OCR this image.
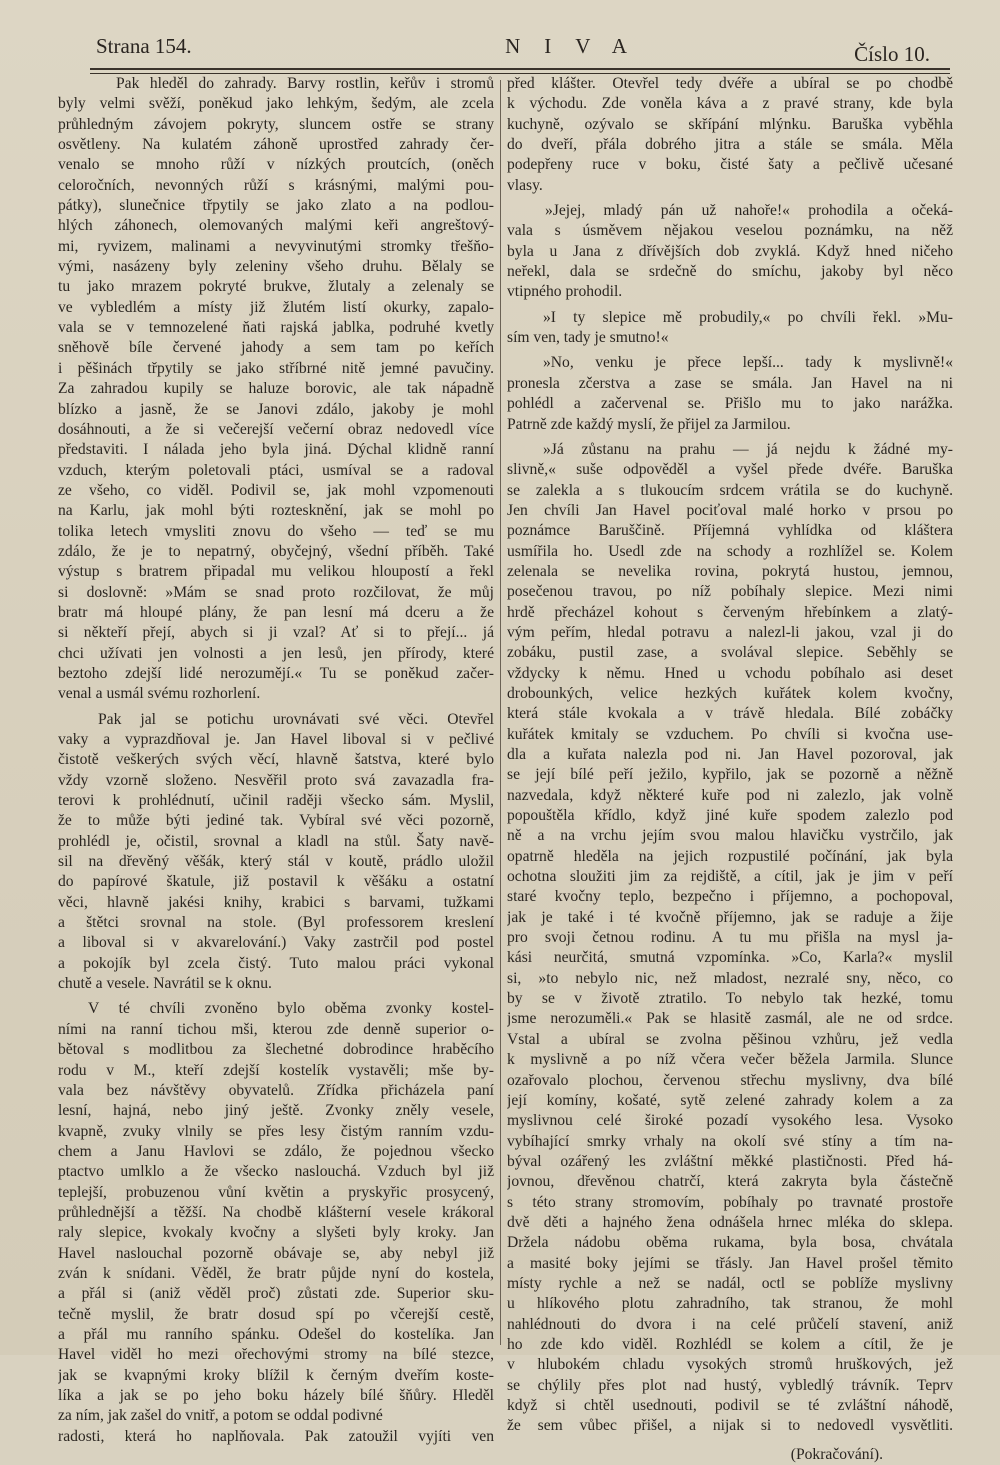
Strana 154.	NIVA	Číslo 10.
Pak hleděl do zahrady. Barvy rostlin, keřův i stromů
byly velmi svěží, poněkud jako lehkým, šedým, ale zcela
průhledným závojem pokryty, sluncem ostře se strany
osvětleny. Na kulatém záhoně uprostřed zahrady čer-
venalo se mnoho růží v nízkých proutcích, (oněch
celoročních, nevonných růží s krásnými, malými pou-
pátky), slunečnice třpytily se jako zlato a na podlou-
hlých záhonech, olemovaných malými keři angreštový-
mi, ryvizem, malinami a nevyvinutými stromky třešňo-
vými, nasázeny byly zeleniny všeho druhu. Bělaly se
tu jako mrazem pokryté brukve, žlutaly a zelenaly se
ve vybledlém a místy již žlutém listí okurky, zapalo-
vala se v temnozelené ňati rajská jablka, podruhé kvetly
sněhově bíle červené jahody a sem tam po keřích
i pěšinách třpytily se jako stříbrné nitě jemné pavučiny.
Za zahradou kupily se haluze borovic, ale tak nápadně
blízko a jasně, že se Janovi zdálo, jakoby je mohl
dosáhnouti, a že si večerejší večerní obraz nedovedl více
představiti. I nálada jeho byla jiná. Dýchal klidně ranní
vzduch, kterým poletovali ptáci, usmíval se a radoval
ze všeho, co viděl. Podivil se, jak mohl vzpomenouti
na Karlu, jak mohl býti roztesknění, jak se mohl po
tolika letech vmysliti znovu do všeho — teď se mu
zdálo, že je to nepatrný, obyčejný, všední příběh. Také
výstup s bratrem připadal mu velikou hloupostí a řekl
si doslovně: »Mám se snad proto rozčilovat, že můj
bratr má hloupé plány, že pan lesní má dceru a že
si někteří přejí, abych si ji vzal? Ať si to přejí... já
chci užívati jen volnosti a jen lesů, jen přírody, které
beztoho zdejší lidé nerozumějí.« Tu se poněkud začer-
venal a usmál svému rozhorlení.
Pak jal se potichu urovnávati své věci. Otevřel
vaky a vyprazdňoval je. Jan Havel liboval si v pečlivé
čistotě veškerých svých věcí, hlavně šatstva, které bylo
vždy vzorně složeno. Nesvěřil proto svá zavazadla fra-
terovi k prohlédnutí, učinil raději všecko sám. Myslil,
že to může býti jediné tak. Vybíral své věci pozorně,
prohlédl je, očistil, srovnal a kladl na stůl. Šaty navě-
sil na dřevěný věšák, který stál v koutě, prádlo uložil
do papírové škatule, již postavil k věšáku a ostatní
věci, hlavně jakési knihy, krabici s barvami, tužkami
a štětci srovnal na stole. (Byl professorem kreslení
a liboval si v akvarelování.) Vaky zastrčil pod postel
a pokojík byl zcela čistý. Tuto malou práci vykonal
chutě a vesele. Navrátil se k oknu.
V té chvíli zvoněno bylo oběma zvonky kostel-
ními na ranní tichou mši, kterou zde denně superior o-
bětoval s modlitbou za šlechetné dobrodince hraběcího
rodu v M., kteří zdejší kostelík vystavěli; mše by-
vala bez návštěvy obyvatelů. Zřídka přicházela paní
lesní, hajná, nebo jiný ještě. Zvonky zněly vesele,
kvapně, zvuky vlnily se přes lesy čistým ranním vzdu-
chem a Janu Havlovi se zdálo, že pojednou všecko
ptactvo umlklo a že všecko naslouchá. Vzduch byl již
teplejší, probuzenou vůní květin a pryskyřic prosycený,
průhlednější a těžší. Na chodbě klášterní vesele krákoral
raly slepice, kvokaly kvočny a slyšeti byly kroky. Jan
Havel naslouchal pozorně obávaje se, aby nebyl již
zván k snídani. Věděl, že bratr půjde nyní do kostela,
a přál si (aniž věděl proč) zůstati zde. Superior sku-
tečně myslil, že bratr dosud spí po včerejší cestě,
a přál mu ranního spánku. Odešel do kostelíka. Jan
Havel viděl ho mezi ořechovými stromy na bílé stezce,
jak se kvapnými kroky blížil k černým dveřím koste-
líka a jak se po jeho boku házely bílé šňůry. Hleděl
za ním, jak zašel do vnitř, a potom se oddal podivné
radosti, která ho naplňovala. Pak zatoužil vyjíti ven
před klášter. Otevřel tedy dvéře a ubíral se po chodbě
k východu. Zde voněla káva a z pravé strany, kde byla
kuchyně, ozývalo se skřípání mlýnku. Baruška vyběhla
do dveří, přála dobrého jitra a stále se smála. Měla
podepřeny ruce v boku, čisté šaty a pečlivě učesané
vlasy.
»Jejej, mladý pán už nahoře!« prohodila a očeká-
vala s úsměvem nějakou veselou poznámku, na něž
byla u Jana z dřívějších dob zvyklá. Když hned ničeho
neřekl, dala se srdečně do smíchu, jakoby byl něco
vtipného prohodil.
»I ty slepice mě probudily,« po chvíli řekl. »Mu-
sím ven, tady je smutno!«
»No, venku je přece lepší... tady k myslivně!«
pronesla zčerstva a zase se smála. Jan Havel na ni
pohlédl a začervenal se. Přišlo mu to jako narážka.
Patrně zde každý myslí, že přijel za Jarmilou.
»Já zůstanu na prahu — já nejdu k žádné my-
slivně,« suše odpověděl a vyšel přede dvéře. Baruška
se zalekla a s tlukoucím srdcem vrátila se do kuchyně.
Jen chvíli Jan Havel pociťoval malé horko v prsou po
poznámce Baruščině. Příjemná vyhlídka od kláštera
usmířila ho. Usedl zde na schody a rozhlížel se. Kolem
zelenala se nevelika rovina, pokrytá hustou, jemnou,
posečenou travou, po níž pobíhaly slepice. Mezi nimi
hrdě přecházel kohout s červeným hřebínkem a zlatý-
vým peřím, hledal potravu a nalezl-li jakou, vzal ji do
zobáku, pustil zase, a svolával slepice. Seběhly se
vždycky k němu. Hned u vchodu pobíhalo asi deset
drobounkých, velice hezkých kuřátek kolem kvočny,
která stále kvokala a v trávě hledala. Bílé zobáčky
kuřátek kmitaly se vzduchem. Po chvíli si kvočna use-
dla a kuřata nalezla pod ni. Jan Havel pozoroval, jak
se její bílé peří ježilo, kypřilo, jak se pozorně a něžně
nazvedala, když některé kuře pod ni zalezlo, jak volně
popouštěla křídlo, když jiné kuře spodem zalezlo pod
ně a na vrchu jejím svou malou hlavičku vystrčilo, jak
opatrně hleděla na jejich rozpustilé počínání, jak byla
ochotna sloužiti jim za rejdiště, a cítil, jak je jim v peří
staré kvočny teplo, bezpečno i příjemno, a pochopoval,
jak je také i té kvočně příjemno, jak se raduje a žije
pro svoji četnou rodinu. A tu mu přišla na mysl ja-
kási neurčitá, smutná vzpomínka. »Co, Karla?« myslil
si, »to nebylo nic, než mladost, nezralé sny, něco, co
by se v životě ztratilo. To nebylo tak hezké, tomu
jsme nerozuměli.« Pak se hlasitě zasmál, ale ne od srdce.
Vstal a ubíral se zvolna pěšinou vzhůru, jež vedla
k myslivně a po níž včera večer běžela Jarmila. Slunce
ozařovalo plochou, červenou střechu myslivny, dva bílé
její komíny, košaté, sytě zelené zahrady kolem a za
myslivnou celé široké pozadí vysokého lesa. Vysoko
vybíhající smrky vrhaly na okolí své stíny a tím na-
býval ozářený les zvláštní měkké plastičnosti. Před há-
jovnou, dřevěnou chatrčí, která zakryta byla částečně
s této strany stromovím, pobíhaly po travnaté prostoře
dvě děti a hajného žena odnášela hrnec mléka do sklepa.
Držela nádobu oběma rukama, byla bosa, chvátala
a masité boky jejími se třásly. Jan Havel prošel těmito
místy rychle a než se nadál, octl se poblíže myslivny
u hlíkového plotu zahradního, tak stranou, že mohl
nahlédnouti do dvora i na celé průčelí stavení, aniž
ho zde kdo viděl. Rozhlédl se kolem a cítil, že je
v hlubokém chladu vysokých stromů hruškových, jež
se chýlily přes plot nad hustý, vybledlý trávník. Teprv
když si chtěl usednouti, podivil se té zvláštní náhodě,
že sem vůbec přišel, a nijak si to nedovedl vysvětliti.
(Pokračování).
